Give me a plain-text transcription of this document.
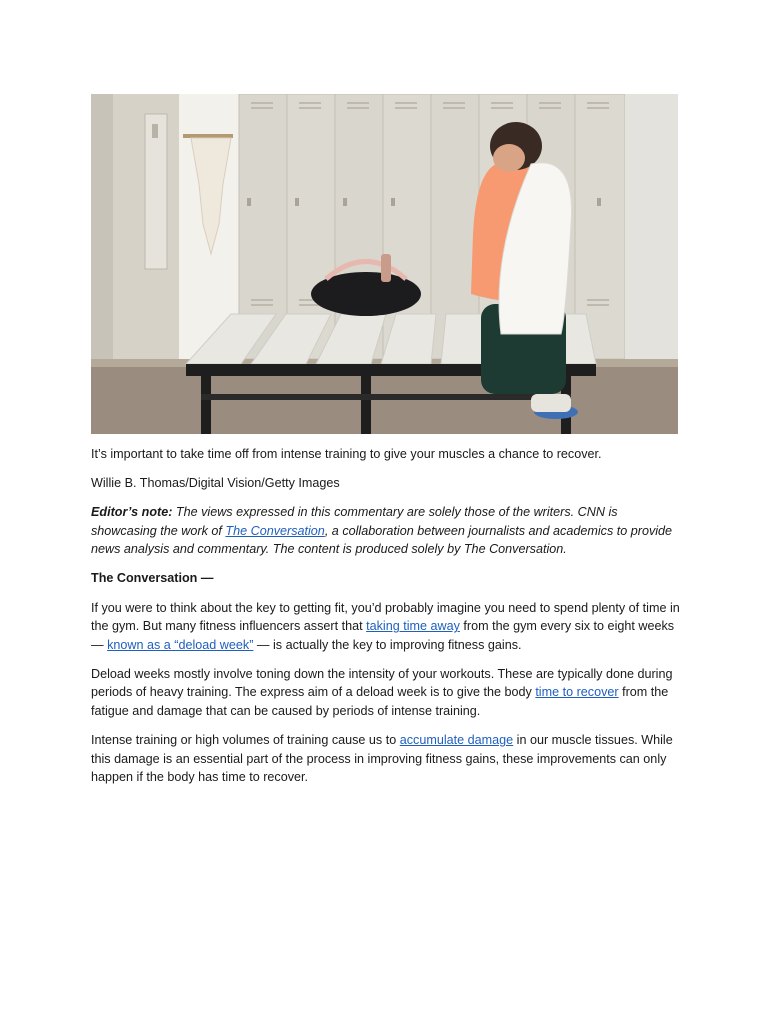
It’s important to take time off from intense training to give your muscles a chance to recover.

Willie B. Thomas/Digital Vision/Getty Images

Editor’s note: The views expressed in this commentary are solely those of the writers. CNN is showcasing the work of The Conversation, a collaboration between journalists and academics to provide news analysis and commentary. The content is produced solely by The Conversation.

The Conversation —

If you were to think about the key to getting fit, you’d probably imagine you need to spend plenty of time in the gym. But many fitness influencers assert that taking time away from the gym every six to eight weeks — known as a “deload week” — is actually the key to improving fitness gains.

Deload weeks mostly involve toning down the intensity of your workouts. These are typically done during periods of heavy training. The express aim of a deload week is to give the body time to recover from the fatigue and damage that can be caused by periods of intense training.

Intense training or high volumes of training cause us to accumulate damage in our muscle tissues. While this damage is an essential part of the process in improving fitness gains, these improvements can only happen if the body has time to recover.
